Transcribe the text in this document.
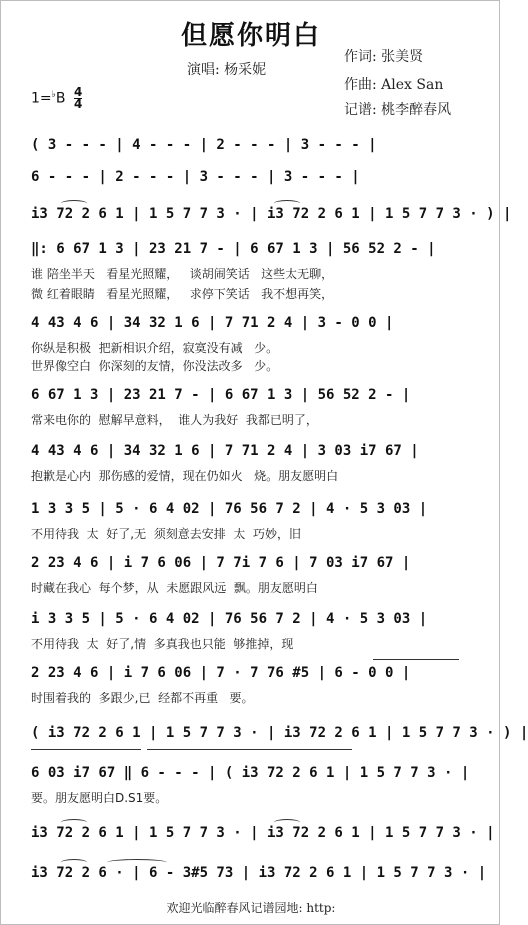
但愿你明白
演唱: 杨采妮
作词: 张美贤
作曲: Alex San
记谱: 桃李醉春风
$1=^♭B \frac{4}{4}$
( 3 - - - | 4 - - - | 2 - - - | 3 - - - |
6 - - - | 2 - - - | 3 - - - | 3 - - - |
i3 72 2 6 1 | 1 5 7 7 3 · | i3 72 2 6 1 | 1 5 7 7 3 · ) |
‖: 6 67 1 3 | 23 21 7 - | 6 67 1 3 | 56 52 2 - |
谁 陪坐半天   看星光照耀，   谈胡闹笑话   这些太无聊，
微 红着眼睛   看星光照耀，   求停下笑话   我不想再笑，
4 43 4 6 | 34 32 1 6 | 7 71 2 4 | 3 - 0 0 |
你纵是积极  把新相识介绍，寂寞没有减   少。
世界像空白  你深刻的友情，你没法改多   少。
6 67 1 3 | 23 21 7 - | 6 67 1 3 | 56 52 2 - |
常来电你的  慰解早意料，  谁人为我好  我都已明了，
4 43 4 6 | 34 32 1 6 | 7 71 2 4 | 3 03 i7 67 |
抱歉是心内  那伤感的爱情，现在仍如火   烧。朋友愿明白
1 3 3 5 | 5 · 6 4 02 | 76 56 7 2 | 4 · 5 3 03 |
不用待我  太  好了,无  须刻意去安排  太  巧妙，旧
2 23 4 6 | i 7 6 06 | 7 7i 7 6 | 7 03 i7 67 |
时藏在我心  每个梦，从  未愿跟风远  飘。朋友愿明白
i 3 3 5 | 5 · 6 4 02 | 76 56 7 2 | 4 · 5 3 03 |
不用待我  太  好了,情  多真我也只能  够推掉，现
2 23 4 6 | i 7 6 06 | 7 · 7 76 #5 | 6 - 0 0 |
时围着我的  多跟少,已  经都不再重   要。
( i3 72 2 6 1 | 1 5 7 7 3 · | i3 72 2 6 1 | 1 5 7 7 3 · ) |
6 03 i7 67 ‖ 6 - - - | ( i3 72 2 6 1 | 1 5 7 7 3 · |
要。朋友愿明白D.S1要。
i3 72 2 6 1 | 1 5 7 7 3 · | i3 72 2 6 1 | 1 5 7 7 3 · |
i3 72 2 6 · | 6 - 3#5 73 | i3 72 2 6 1 | 1 5 7 7 3 · |
欢迎光临醉春风记谱园地: http:
